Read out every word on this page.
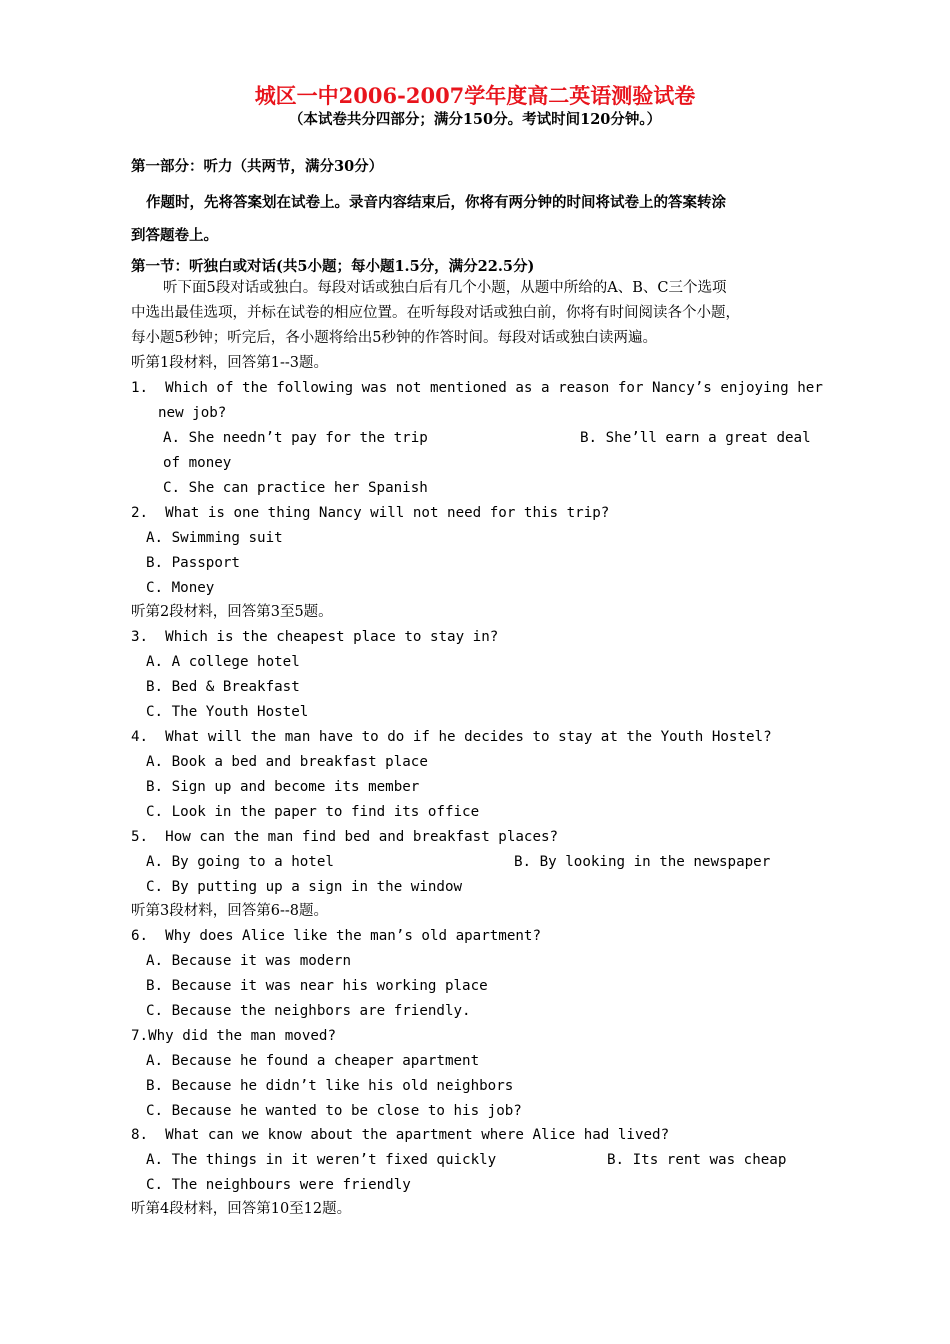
城区一中2006-2007学年度高二英语测验试卷
（本试卷共分四部分；满分150分。考试时间120分钟。）
第一部分：听力（共两节，满分30分）
作题时，先将答案划在试卷上。录音内容结束后，你将有两分钟的时间将试卷上的答案转涂
到答题卷上。
第一节：听独白或对话(共5小题；每小题1.5分，满分22.5分)
听下面5段对话或独白。每段对话或独白后有几个小题，从题中所给的A、B、C三个选项
中选出最佳选项，并标在试卷的相应位置。在听每段对话或独白前，你将有时间阅读各个小题，
每小题5秒钟；听完后，各小题将给出5秒钟的作答时间。每段对话或独白读两遍。
听第1段材料，回答第1--3题。
1.  Which of the following was not mentioned as a reason for Nancy’s enjoying her
new job?
A. She needn’t pay for the trip	B. She’ll earn a great deal
of money
C. She can practice her Spanish
2.  What is one thing Nancy will not need for this trip?
A. Swimming suit
B. Passport
C. Money
听第2段材料，回答第3至5题。
3.  Which is the cheapest place to stay in?
A. A college hotel
B. Bed & Breakfast
C. The Youth Hostel
4.  What will the man have to do if he decides to stay at the Youth Hostel?
A. Book a bed and breakfast place
B. Sign up and become its member
C. Look in the paper to find its office
5.  How can the man find bed and breakfast places?
A. By going to a hotel	B. By looking in the newspaper
C. By putting up a sign in the window
听第3段材料，回答第6--8题。
6.  Why does Alice like the man’s old apartment?
A. Because it was modern
B. Because it was near his working place
C. Because the neighbors are friendly.
7.Why did the man moved?
A. Because he found a cheaper apartment
B. Because he didn’t like his old neighbors
C. Because he wanted to be close to his job?
8.  What can we know about the apartment where Alice had lived?
A. The things in it weren’t fixed quickly	B. Its rent was cheap
C. The neighbours were friendly
听第4段材料，回答第10至12题。
